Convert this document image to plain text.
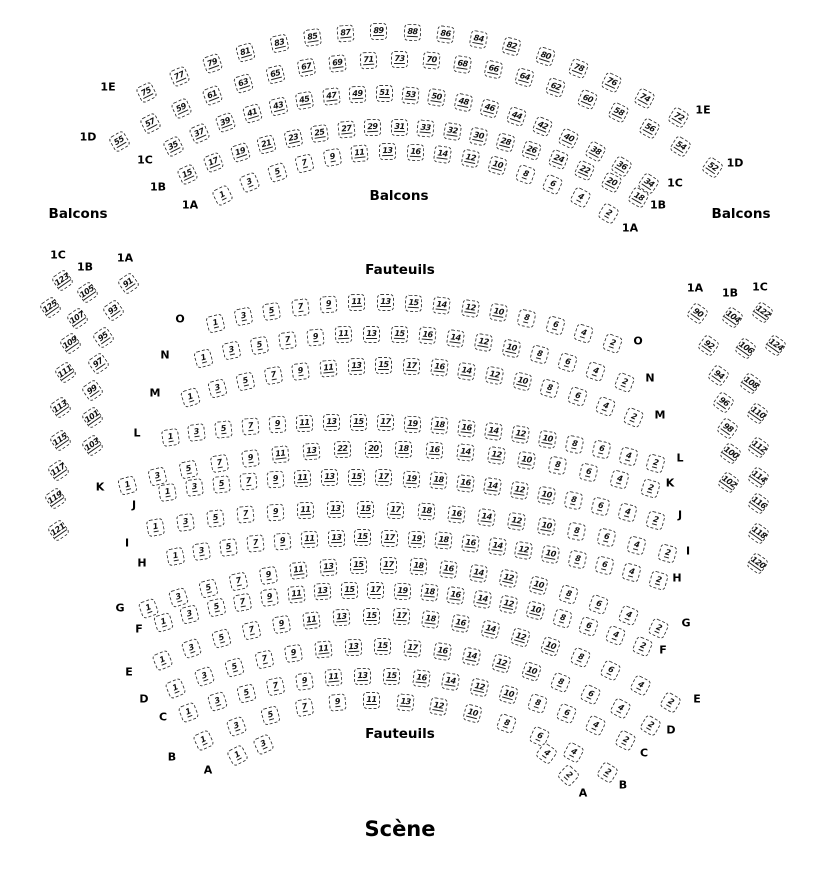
Scène
1E
1E
75
77
79
81
83
85	87	89	88	86	84
82
80
78
76
74
72
1D
1D
55
57
59
61
63
65
67 69	71	73	70	68
66
64
62
60
58
56
54
52
1C
1C
35
37
39
41
43
45 47 49 51 53 50 48
46
44
42
40
38
36
34
1B
1B
15
17
19
21
23 25 27 29 31 33 32 30
28
26
24
22
20
18
1A
1A
1
3
5
7
9 11 13 16 14 12
10
8
6
4
2
O
O
1
3
5	7	9	11 13 15 14 12 10
8
6
4
2
N
N
1
3
5	7	9 11 13 15 16 14 12 10
8
6
4
2
M
M
1
3
5
7	9 11 13 15 17 16 14 12
10
8
6
4
2
L
L
1	3	5	7	9 11 13 15 17 19 18 16 14 12 10 8
6
4
2
K	K
1
3
5
7
9	11 13	22	20	18	16	14 12 10
8
6
4
2
J
J
1	3	5	7	9 11 13 15 17 19 18 16 14 12 10 8
6
4
2
I
I
1
3	5	7	9	11 13 15 17 18 16 14 12 10
8
6
4
2
H
H
1	3	5	7	9 11 13 15 17 19 18 16 14 12 10 8
6
4
2
G
G
1
3
5
7
9	11 13 15 17 18 16 14
12
10
8
6
4
2
F
F
1
3
5
7	9 11 13 15 17 19 18 16 14 12
10
8
6
4
2
E
E
1
3
5
7
9	11 13 15 17 18 16
14
12
10
8
6
4
2
D
D
1
3
5
7
9	11 13 15 17 16 14
12
10
8
6
4
2
C
C
1
3
5
7
9	11 13 15 16 14 12
10
8
6
4
2
B
B
1
3
5
7	9	11	13	12
10
8
6
4
2
A
A
1
3
4
2
1C
1B
1A
123
125
105
107
109
111
113
115
117
119
121
91
93
95
97
99
101
103
1A 1B 1C
90
92
94
96
98
100
102
104
106
108
110
112
114
116
118
120
122
124
Balcons
Balcons
Balcons
Fauteuils
Fauteuils
